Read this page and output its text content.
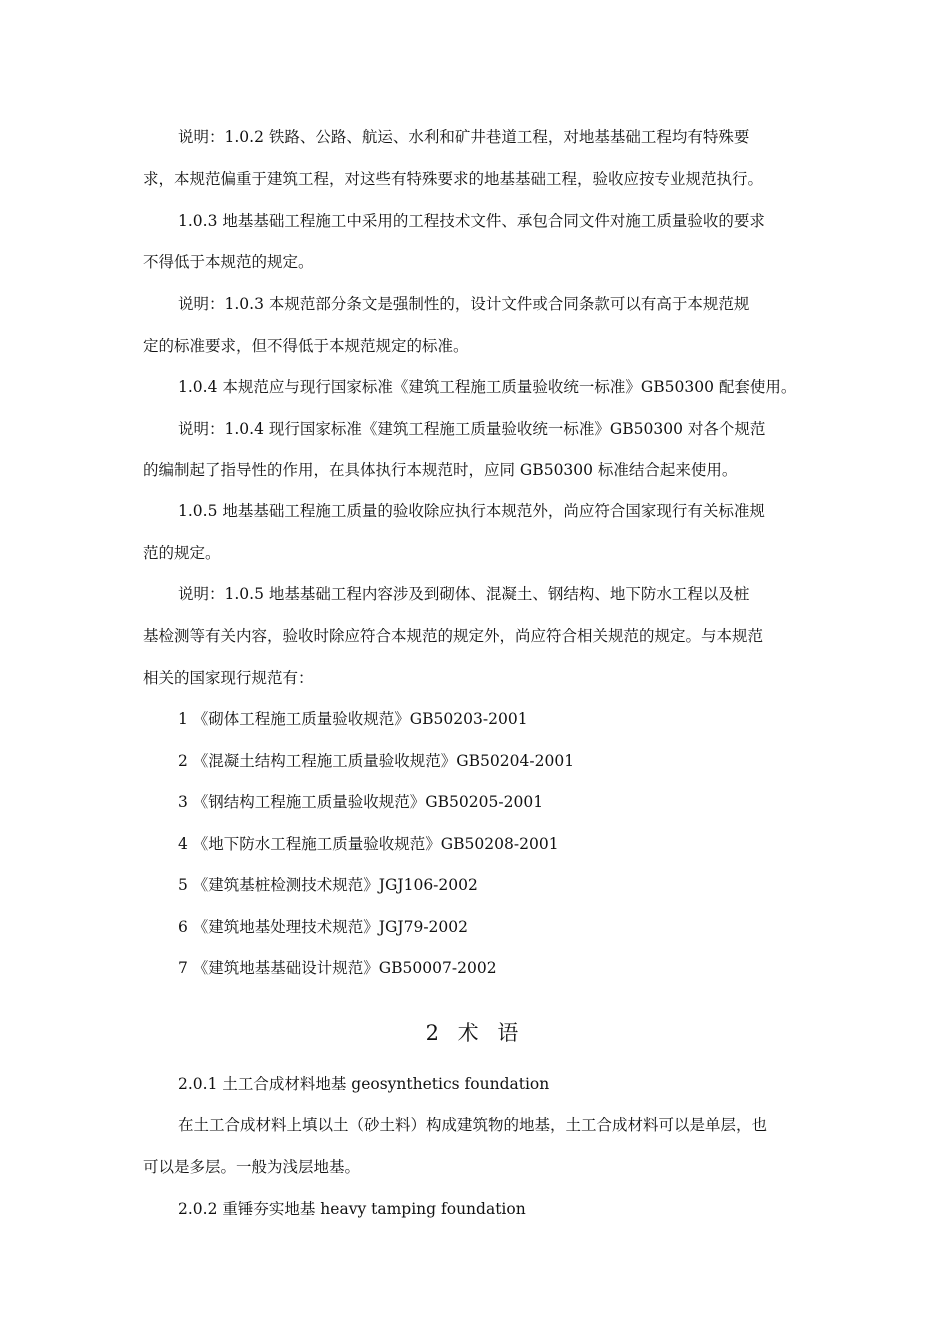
说明：1.0.2 铁路、公路、航运、水利和矿井巷道工程，对地基基础工程均有特殊要
求，本规范偏重于建筑工程，对这些有特殊要求的地基基础工程，验收应按专业规范执行。
1.0.3 地基基础工程施工中采用的工程技术文件、承包合同文件对施工质量验收的要求
不得低于本规范的规定。
说明：1.0.3 本规范部分条文是强制性的，设计文件或合同条款可以有高于本规范规
定的标准要求，但不得低于本规范规定的标准。
1.0.4 本规范应与现行国家标准《建筑工程施工质量验收统一标准》GB50300 配套使用。
说明：1.0.4 现行国家标准《建筑工程施工质量验收统一标准》GB50300 对各个规范
的编制起了指导性的作用，在具体执行本规范时，应同 GB50300 标准结合起来使用。
1.0.5 地基基础工程施工质量的验收除应执行本规范外，尚应符合国家现行有关标准规
范的规定。
说明：1.0.5 地基基础工程内容涉及到砌体、混凝土、钢结构、地下防水工程以及桩
基检测等有关内容，验收时除应符合本规范的规定外，尚应符合相关规范的规定。与本规范
相关的国家现行规范有：
1 《砌体工程施工质量验收规范》GB50203-2001
2 《混凝土结构工程施工质量验收规范》GB50204-2001
3 《钢结构工程施工质量验收规范》GB50205-2001
4 《地下防水工程施工质量验收规范》GB50208-2001
5 《建筑基桩检测技术规范》JGJ106-2002
6 《建筑地基处理技术规范》JGJ79-2002
7 《建筑地基基础设计规范》GB50007-2002
2 术 语
2.0.1 土工合成材料地基 geosynthetics foundation
在土工合成材料上填以土（砂土料）构成建筑物的地基，土工合成材料可以是单层，也
可以是多层。一般为浅层地基。
2.0.2 重锤夯实地基 heavy tamping foundation
